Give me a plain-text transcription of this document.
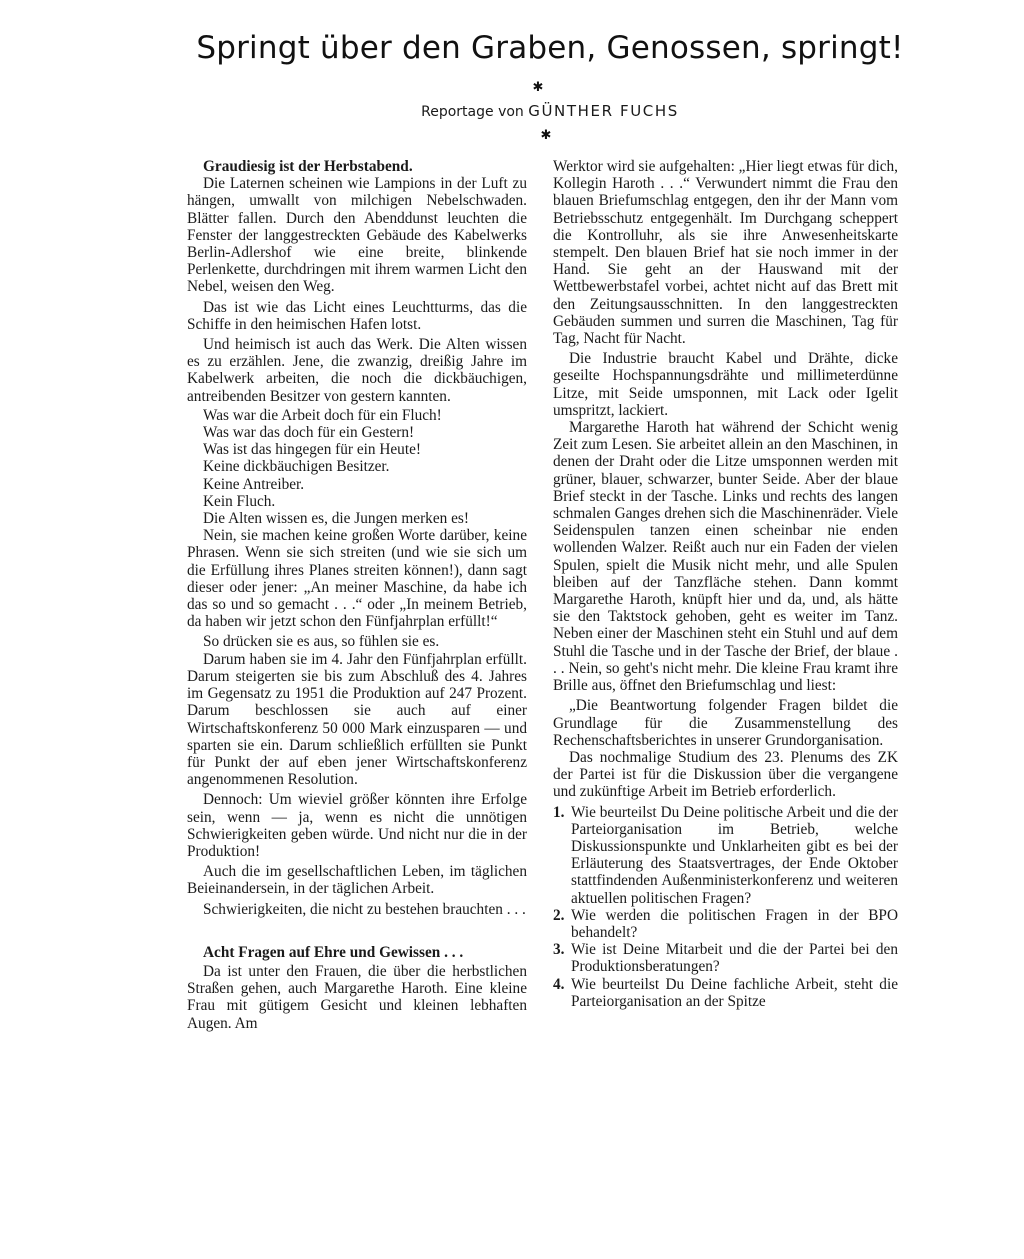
Springt über den Graben, Genossen, springt!
✱
Reportage von GÜNTHER FUCHS
✱

Graudiesig ist der Herbstabend.

Die Laternen scheinen wie Lampions in der Luft zu hängen, umwallt von milchigen Nebelschwaden. Blätter fallen. Durch den Abenddunst leuchten die Fenster der langgestreckten Gebäude des Kabelwerks Berlin-Adlershof wie eine breite, blinkende Perlenkette, durchdringen mit ihrem warmen Licht den Nebel, weisen den Weg.

Das ist wie das Licht eines Leuchtturms, das die Schiffe in den heimischen Hafen lotst.

Und heimisch ist auch das Werk. Die Alten wissen es zu erzählen. Jene, die zwanzig, dreißig Jahre im Kabelwerk arbeiten, die noch die dickbäuchigen, antreibenden Besitzer von gestern kannten.

Was war die Arbeit doch für ein Fluch!
Was war das doch für ein Gestern!
Was ist das hingegen für ein Heute!
Keine dickbäuchigen Besitzer.
Keine Antreiber.
Kein Fluch.

Die Alten wissen es, die Jungen merken es!

Nein, sie machen keine großen Worte darüber, keine Phrasen. Wenn sie sich streiten (und wie sie sich um die Erfüllung ihres Planes streiten können!), dann sagt dieser oder jener: „An meiner Maschine, da habe ich das so und so gemacht . . .“ oder „In meinem Betrieb, da haben wir jetzt schon den Fünfjahrplan erfüllt!“

So drücken sie es aus, so fühlen sie es.

Darum haben sie im 4. Jahr den Fünfjahrplan erfüllt. Darum steigerten sie bis zum Abschluß des 4. Jahres im Gegensatz zu 1951 die Produktion auf 247 Prozent. Darum beschlossen sie auch auf einer Wirtschaftskonferenz 50 000 Mark einzusparen — und sparten sie ein. Darum schließlich erfüllten sie Punkt für Punkt der auf eben jener Wirtschaftskonferenz angenommenen Resolution.

Dennoch: Um wieviel größer könnten ihre Erfolge sein, wenn — ja, wenn es nicht die unnötigen Schwierigkeiten geben würde. Und nicht nur die in der Produktion!

Auch die im gesellschaftlichen Leben, im täglichen Beieinandersein, in der täglichen Arbeit.

Schwierigkeiten, die nicht zu bestehen brauchten . . .

Acht Fragen auf Ehre und Gewissen . . .

Da ist unter den Frauen, die über die herbstlichen Straßen gehen, auch Margarethe Haroth. Eine kleine Frau mit gütigem Gesicht und kleinen lebhaften Augen. Am

Werktor wird sie aufgehalten: „Hier liegt etwas für dich, Kollegin Haroth . . .“ Verwundert nimmt die Frau den blauen Briefumschlag entgegen, den ihr der Mann vom Betriebsschutz entgegenhält. Im Durchgang scheppert die Kontrolluhr, als sie ihre Anwesenheitskarte stempelt. Den blauen Brief hat sie noch immer in der Hand. Sie geht an der Hauswand mit der Wettbewerbstafel vorbei, achtet nicht auf das Brett mit den Zeitungsausschnitten. In den langgestreckten Gebäuden summen und surren die Maschinen, Tag für Tag, Nacht für Nacht.

Die Industrie braucht Kabel und Drähte, dicke geseilte Hochspannungsdrähte und millimeterdünne Litze, mit Seide umsponnen, mit Lack oder Igelit umspritzt, lackiert.

Margarethe Haroth hat während der Schicht wenig Zeit zum Lesen. Sie arbeitet allein an den Maschinen, in denen der Draht oder die Litze umsponnen werden mit grüner, blauer, schwarzer, bunter Seide. Aber der blaue Brief steckt in der Tasche. Links und rechts des langen schmalen Ganges drehen sich die Maschinenräder. Viele Seidenspulen tanzen einen scheinbar nie enden wollenden Walzer. Reißt auch nur ein Faden der vielen Spulen, spielt die Musik nicht mehr, und alle Spulen bleiben auf der Tanzfläche stehen. Dann kommt Margarethe Haroth, knüpft hier und da, und, als hätte sie den Taktstock gehoben, geht es weiter im Tanz. Neben einer der Maschinen steht ein Stuhl und auf dem Stuhl die Tasche und in der Tasche der Brief, der blaue . . . Nein, so geht's nicht mehr. Die kleine Frau kramt ihre Brille aus, öffnet den Briefumschlag und liest:

„Die Beantwortung folgender Fragen bildet die Grundlage für die Zusammenstellung des Rechenschaftsberichtes in unserer Grundorganisation.

Das nochmalige Studium des 23. Plenums des ZK der Partei ist für die Diskussion über die vergangene und zukünftige Arbeit im Betrieb erforderlich.

1. Wie beurteilst Du Deine politische Arbeit und die der Parteiorganisation im Betrieb, welche Diskussionspunkte und Unklarheiten gibt es bei der Erläuterung des Staatsvertrages, der Ende Oktober stattfindenden Außenministerkonferenz und weiteren aktuellen politischen Fragen?
2. Wie werden die politischen Fragen in der BPO behandelt?
3. Wie ist Deine Mitarbeit und die der Partei bei den Produktionsberatungen?
4. Wie beurteilst Du Deine fachliche Arbeit, steht die Parteiorganisation an der Spitze
